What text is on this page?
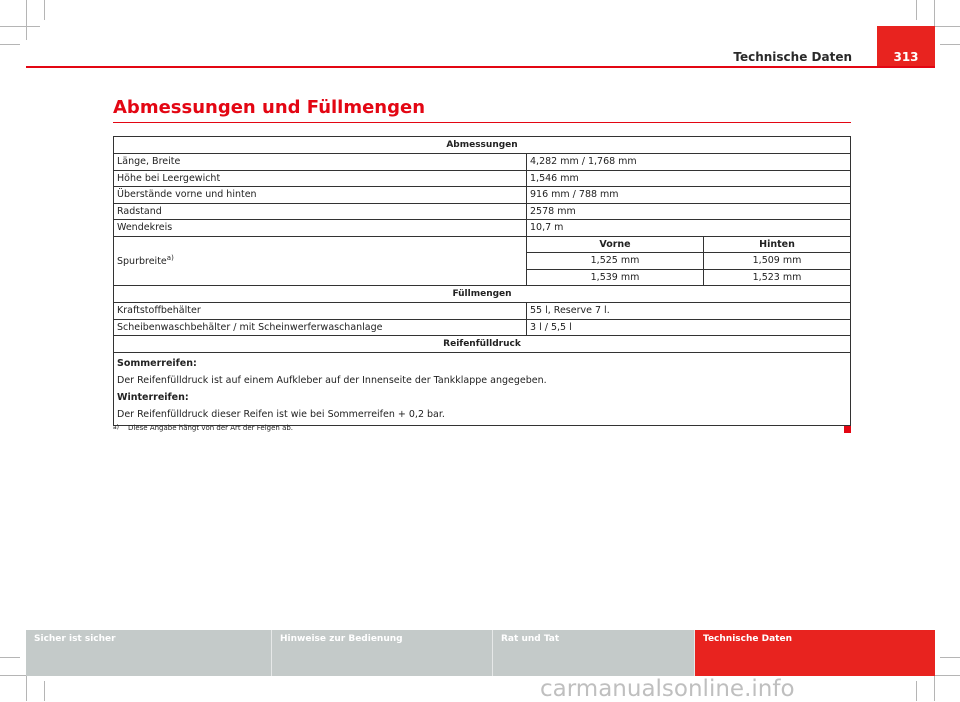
Technische Daten	313
Abmessungen und Füllmengen
Abmessungen		
Länge, Breite	4,282 mm / 1,768 mm	
Höhe bei Leergewicht	1,546 mm	
Überstände vorne und hinten	916 mm / 788 mm	
Radstand	2578 mm	
Wendekreis	10,7 m	
Spurbreite$^{a)}$	Vorne	Hinten
	1,525 mm	1,509 mm
	1,539 mm	1,523 mm
Füllmengen		
Kraftstoffbehälter	55 l, Reserve 7 l.	
Scheibenwaschbehälter / mit Scheinwerferwaschanlage	3 l / 5,5 l	
Reifenfülldruck		

Sommerreifen:
Der Reifenfülldruck ist auf einem Aufkleber auf der Innenseite der Tankklappe angegeben.
Winterreifen:
Der Reifenfülldruck dieser Reifen ist wie bei Sommerreifen + 0,2 bar.		
a) Diese Angabe hängt von der Art der Felgen ab.
Sicher ist sicher	Hinweise zur Bedienung	Rat und Tat	Technische Daten
carmanualsonline.info
